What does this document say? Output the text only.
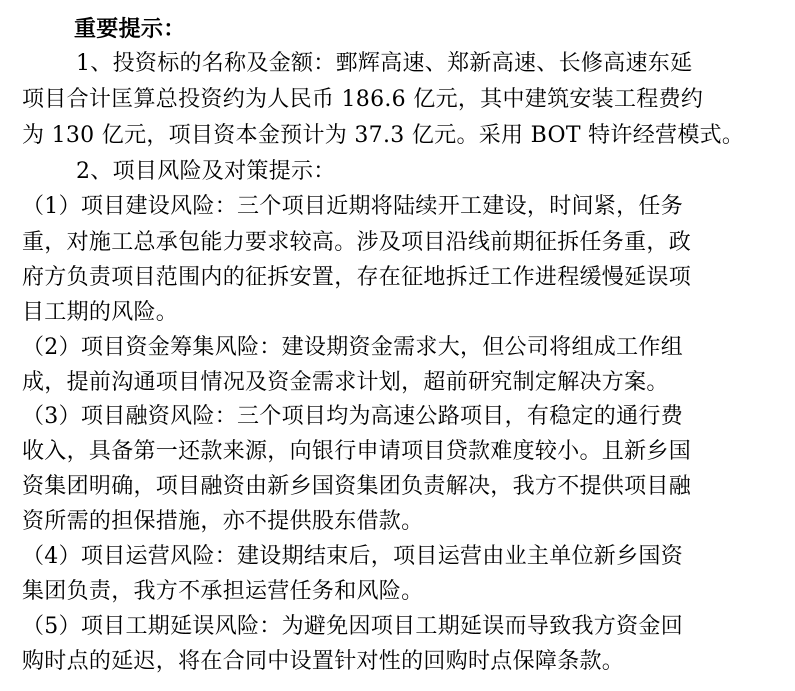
重要提示：
1、投资标的名称及金额：鄄辉高速、郑新高速、长修高速东延
项目合计匡算总投资约为人民币 186.6 亿元，其中建筑安装工程费约
为 130 亿元，项目资本金预计为 37.3 亿元。采用 BOT 特许经营模式。
2、项目风险及对策提示：
（1）项目建设风险：三个项目近期将陆续开工建设，时间紧，任务
重，对施工总承包能力要求较高。涉及项目沿线前期征拆任务重，政
府方负责项目范围内的征拆安置，存在征地拆迁工作进程缓慢延误项
目工期的风险。
（2）项目资金筹集风险：建设期资金需求大，但公司将组成工作组
成，提前沟通项目情况及资金需求计划，超前研究制定解决方案。
（3）项目融资风险：三个项目均为高速公路项目，有稳定的通行费
收入，具备第一还款来源，向银行申请项目贷款难度较小。且新乡国
资集团明确，项目融资由新乡国资集团负责解决，我方不提供项目融
资所需的担保措施，亦不提供股东借款。
（4）项目运营风险：建设期结束后，项目运营由业主单位新乡国资
集团负责，我方不承担运营任务和风险。
（5）项目工期延误风险：为避免因项目工期延误而导致我方资金回
购时点的延迟，将在合同中设置针对性的回购时点保障条款。
